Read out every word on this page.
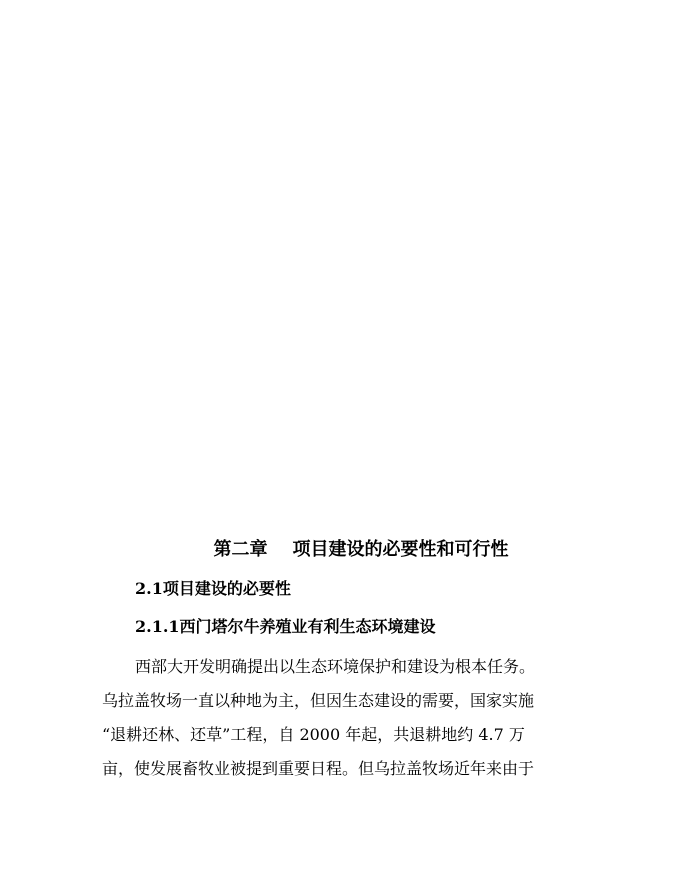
第二章    项目建设的必要性和可行性
2.1项目建设的必要性
2.1.1西门塔尔牛养殖业有利生态环境建设
西部大开发明确提出以生态环境保护和建设为根本任务。
乌拉盖牧场一直以种地为主，但因生态建设的需要，国家实施
“退耕还林、还草”工程，自 2000 年起，共退耕地约 4.7 万
亩，使发展畜牧业被提到重要日程。但乌拉盖牧场近年来由于
